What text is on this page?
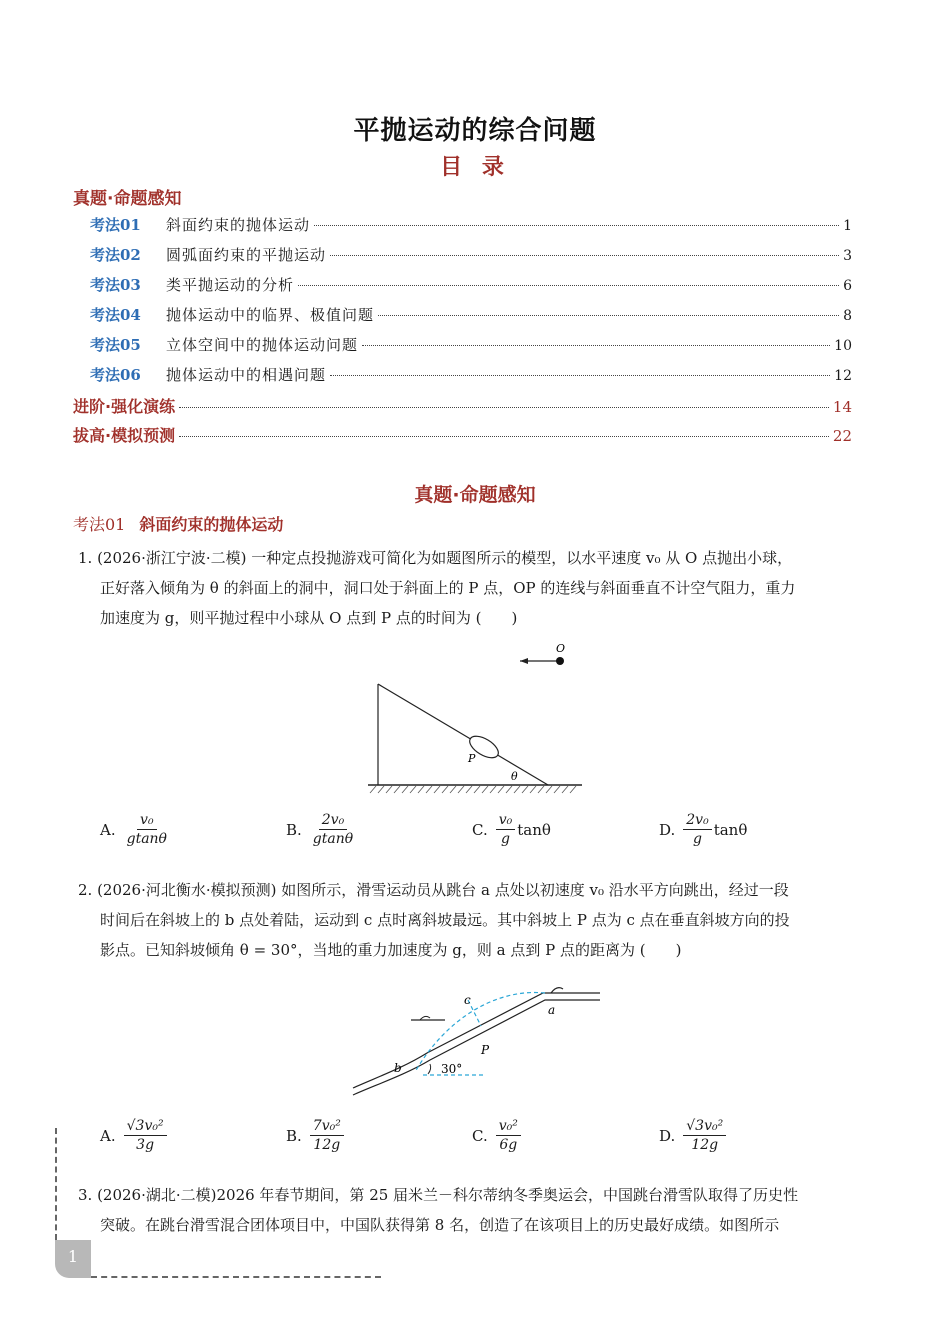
平抛运动的综合问题
目 录
真题·命题感知
考法01	斜面约束的抛体运动	1
考法02	圆弧面约束的平抛运动	3
考法03	类平抛运动的分析	6
考法04	抛体运动中的临界、极值问题	8
考法05	立体空间中的抛体运动问题	10
考法06	抛体运动中的相遇问题	12
进阶·强化演练	14
拔高·模拟预测	22
真题·命题感知
考法01 斜面约束的抛体运动

1. (2026·浙江宁波·二模) 一种定点投抛游戏可简化为如题图所示的模型，以水平速度 v₀ 从 O 点抛出小球，

正好落入倾角为 θ 的斜面上的洞中，洞口处于斜面上的 P 点，OP 的连线与斜面垂直不计空气阻力，重力

加速度为 g，则平抛过程中小球从 O 点到 P 点的时间为 (　　)

O
P
θ
A. $\frac{\text{v₀}}{gtan\theta}$	B. $\frac{\text{2v₀}}{gtan\theta}$	C. $\frac{\text{v₀}}{g}$ tanθ	D. $\frac{\text{2v₀}}{g}$ tanθ

2. (2026·河北衡水·模拟预测) 如图所示，滑雪运动员从跳台 a 点处以初速度 v₀ 沿水平方向跳出，经过一段

时间后在斜坡上的 b 点处着陆，运动到 c 点时离斜坡最远。其中斜坡上 P 点为 c 点在垂直斜坡方向的投

影点。已知斜坡倾角 θ = 30°，当地的重力加速度为 g，则 a 点到 P 点的距离为 (　　)

c
a
P
b	30°
A. $\frac{\text{√3v₀²}}{3g}$	B. $\frac{\text{7v₀²}}{12g}$	C. $\frac{\text{v₀²}}{6g}$	D. $\frac{\text{√3v₀²}}{12g}$

3. (2026·湖北·二模)2026 年春节期间，第 25 届米兰－科尔蒂纳冬季奥运会，中国跳台滑雪队取得了历史性

突破。在跳台滑雪混合团体项目中，中国队获得第 8 名，创造了在该项目上的历史最好成绩。如图所示

1
